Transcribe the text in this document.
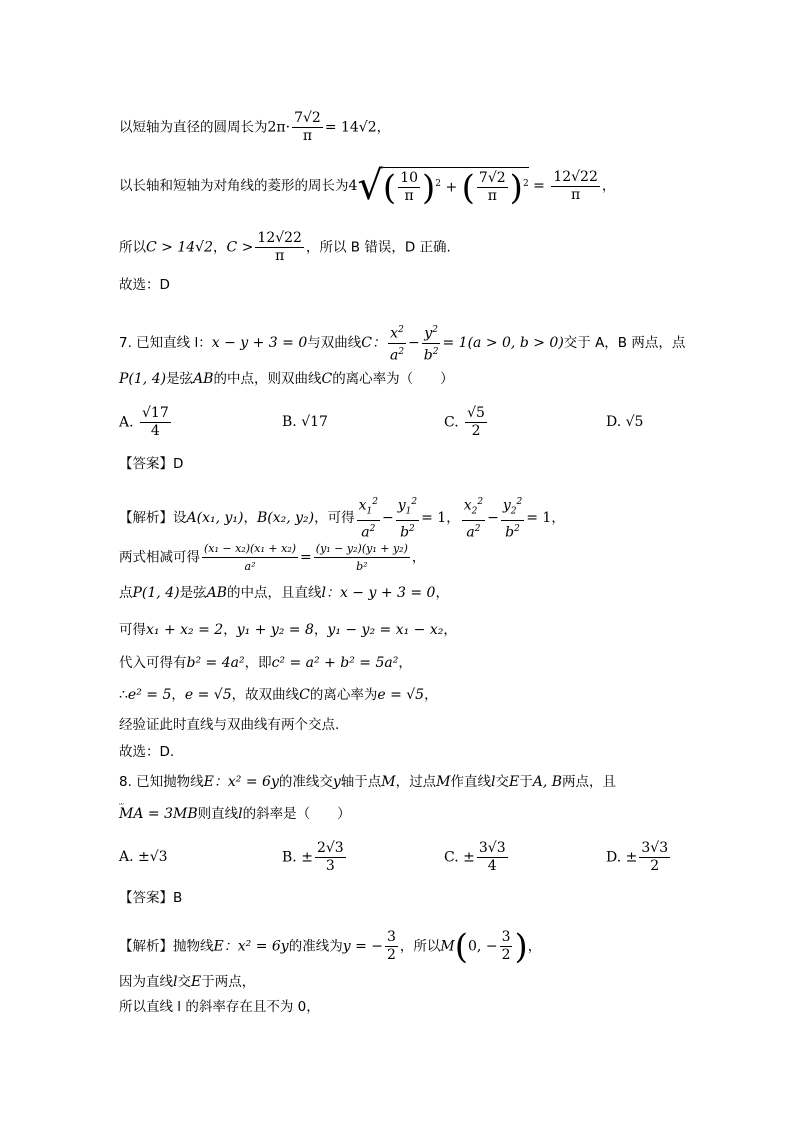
以短轴为直径的圆周长为$2\pi\cdot \frac{7√2}{\pi} = 14√2$，
以长轴和短轴为对角线的菱形的周长为$4√( \frac{10}{\pi} )^2$ + ( $\frac{7√2}{\pi} )^2 = \frac{12√22}{\pi}$ ，
所以C > 14√2，$C > \frac{12√22}{\pi}$ ，所以 B 错误，D 正确.
故选：D
7. 已知直线 l：x − y + 3 = 0与双曲线C： $\frac{x^2}{a^2} - \frac{y^2}{b^2} = 1(a > 0$, b > 0)交于 A，B 两点，点
P(1, 4)是弦AB的中点，则双曲线C的离心率为（　　）
A. $\frac{√17}{4}$	B. √17	C. $\frac{√5}{2}$	D. √5
【答案】D
【解析】设A(x₁, y₁)，B(x₂, y₂)，可得 $\frac{x_1^2}{a^2} - \frac{y_1^2}{b^2} = 1$， $\frac{x_2^2}{a^2} - \frac{y_2^2}{b^2} = 1$，
两式相减可得 $\frac{\text{(x₁ − x₂)(x₁ + x₂)}}{\text{a²}} = \frac{\text{(y₁ − y₂)(y₁ + y₂)}}{\text{b²}}$ ，
点P(1, 4)是弦AB的中点，且直线l：x − y + 3 = 0，
可得x₁ + x₂ = 2，y₁ + y₂ = 8，y₁ − y₂ = x₁ − x₂，
代入可得有b² = 4a²，即c² = a² + b² = 5a²，
∴e² = 5，e = √5，故双曲线C的离心率为e = √5，
经验证此时直线与双曲线有两个交点.
故选：D.
8. 已知抛物线E：x² = 6y的准线交y轴于点M，过点M作直线l交E于A, B两点，且
ᵕᵕ MA = 3MB则直线l的斜率是（　　）
A. ±√3	B. ± $\frac{2√3}{3}$	C. ± $\frac{3√3}{4}$	D. ± $\frac{3√3}{2}$
【答案】B
【解析】抛物线E：x² = 6y的准线为y = − $\frac{3}{2}$ ，所以M(0, − $\frac{3}{2}$ )，
因为直线l交E于两点，
所以直线 l 的斜率存在且不为 0，
